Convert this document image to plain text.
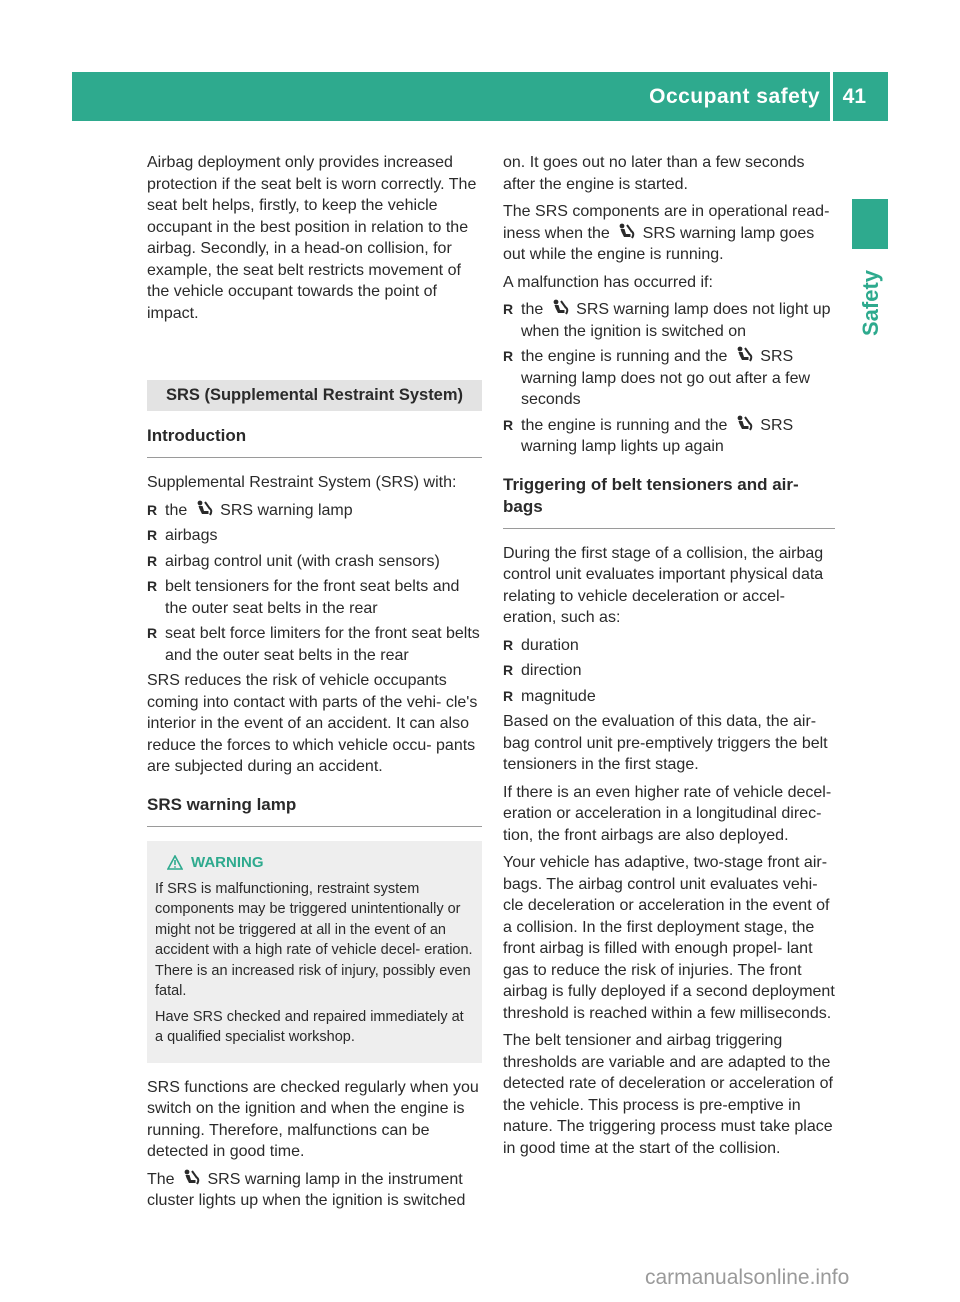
Occupant safety 41
Safety

Airbag deployment only provides increased protection if the seat belt is worn correctly. The seat belt helps, firstly, to keep the vehicle occupant in the best position in relation to the airbag. Secondly, in a head-on collision, for example, the seat belt restricts movement of the vehicle occupant towards the point of impact.

SRS (Supplemental Restraint System)
Introduction

Supplemental Restraint System (SRS) with:

R the SRS warning lamp
R airbags
R airbag control unit (with crash sensors)
R belt tensioners for the front seat belts and the outer seat belts in the rear
R seat belt force limiters for the front seat belts and the outer seat belts in the rear

SRS reduces the risk of vehicle occupants coming into contact with parts of the vehi- cle's interior in the event of an accident. It can also reduce the forces to which vehicle occu- pants are subjected during an accident.

SRS warning lamp
WARNING

If SRS is malfunctioning, restraint system components may be triggered unintentionally or might not be triggered at all in the event of an accident with a high rate of vehicle decel- eration. There is an increased risk of injury, possibly even fatal.

Have SRS checked and repaired immediately at a qualified specialist workshop.

SRS functions are checked regularly when you switch on the ignition and when the engine is running. Therefore, malfunctions can be detected in good time.

The SRS warning lamp in the instrument cluster lights up when the ignition is switched

on. It goes out no later than a few seconds after the engine is started.

The SRS components are in operational read- iness when the SRS warning lamp goes out while the engine is running.

A malfunction has occurred if:

R the SRS warning lamp does not light up when the ignition is switched on
R the engine is running and the SRS warning lamp does not go out after a few seconds
R the engine is running and the SRS warning lamp lights up again
Triggering of belt tensioners and air- bags

During the first stage of a collision, the airbag control unit evaluates important physical data relating to vehicle deceleration or accel- eration, such as:

R duration
R direction
R magnitude

Based on the evaluation of this data, the air- bag control unit pre-emptively triggers the belt tensioners in the first stage.

If there is an even higher rate of vehicle decel- eration or acceleration in a longitudinal direc- tion, the front airbags are also deployed.

Your vehicle has adaptive, two-stage front air- bags. The airbag control unit evaluates vehi- cle deceleration or acceleration in the event of a collision. In the first deployment stage, the front airbag is filled with enough propel- lant gas to reduce the risk of injuries. The front airbag is fully deployed if a second deployment threshold is reached within a few milliseconds.

The belt tensioner and airbag triggering thresholds are variable and are adapted to the detected rate of deceleration or acceleration of the vehicle. This process is pre-emptive in nature. The triggering process must take place in good time at the start of the collision.

carmanualsonline.info
